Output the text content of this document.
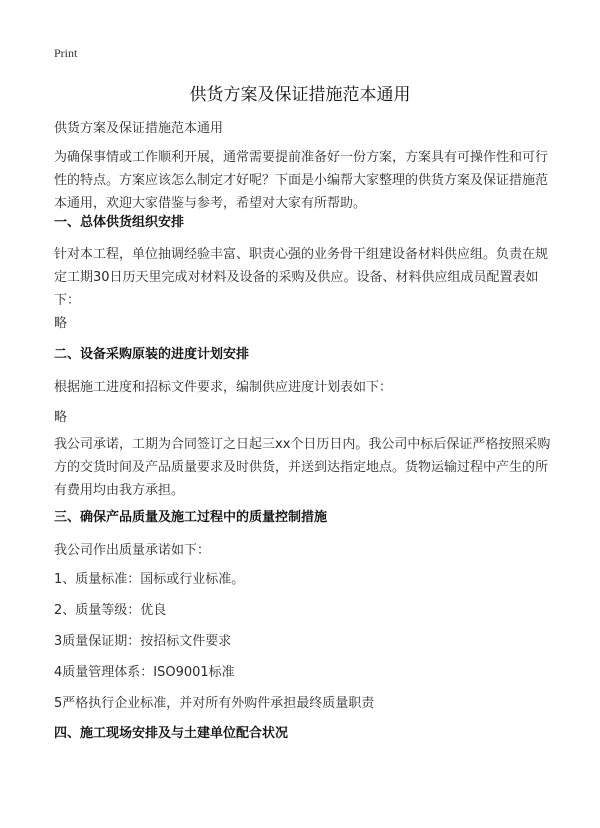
Print
供货方案及保证措施范本通用

供货方案及保证措施范本通用

为确保事情或工作顺利开展，通常需要提前准备好一份方案，方案具有可操作性和可行性的特点。方案应该怎么制定才好呢？下面是小编帮大家整理的供货方案及保证措施范本通用，欢迎大家借鉴与参考，希望对大家有所帮助。

一、总体供货组织安排

针对本工程，单位抽调经验丰富、职责心强的业务骨干组建设备材料供应组。负责在规定工期30日历天里完成对材料及设备的采购及供应。设备、材料供应组成员配置表如下：

略

二、设备采购原装的进度计划安排

根据施工进度和招标文件要求，编制供应进度计划表如下：

略

我公司承诺，工期为合同签订之日起三xx个日历日内。我公司中标后保证严格按照采购方的交货时间及产品质量要求及时供货，并送到达指定地点。货物运输过程中产生的所有费用均由我方承担。

三、确保产品质量及施工过程中的质量控制措施

我公司作出质量承诺如下：

1、质量标准：国标或行业标准。

2、质量等级：优良

3质量保证期：按招标文件要求

4质量管理体系：ISO9001标准

5严格执行企业标准，并对所有外购件承担最终质量职责

四、施工现场安排及与土建单位配合状况
